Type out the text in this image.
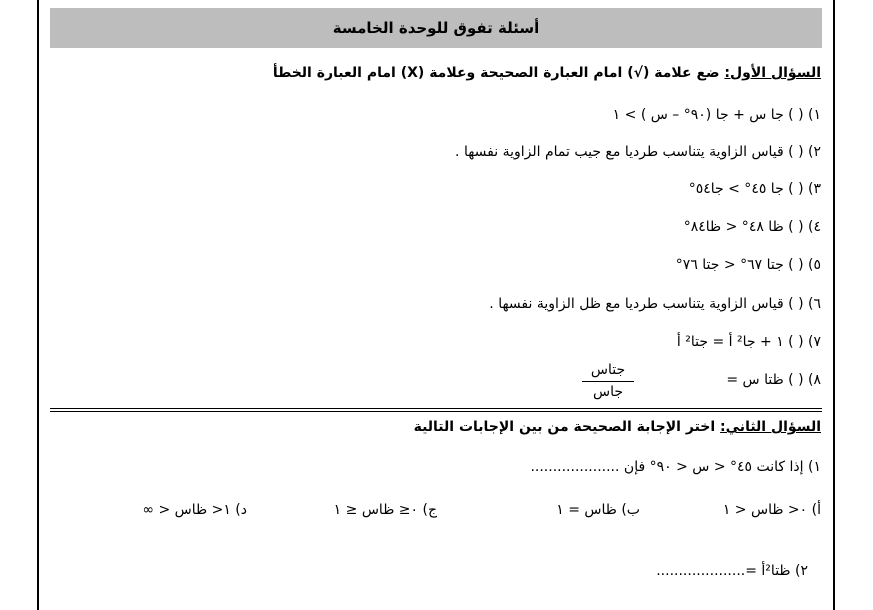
أسئلة تفوق للوحدة الخامسة
السؤال الأول: ضع علامة (√) امام العبارة الصحيحة وعلامة (X) امام العبارة الخطأ
١) ( ) جا س + جا (٩٠° – س ) > ١
٢) ( ) قياس الزاوية يتناسب طرديا مع جيب تمام الزاوية نفسها .
٣) ( ) جا ٤٥° > جا٥٤°
٤) ( ) ظا ٤٨° < ظا٨٤°
٥) ( ) جتا ٦٧° < جتا ٧٦°
٦) ( ) قياس الزاوية يتناسب طرديا مع ظل الزاوية نفسها .
٧) ( ) ١ + جا² أ = جتا² أ
٨) ( ) ظتا س =
جتاس
جاس
السؤال الثاني: اختر الإجابة الصحيحة من بين الإجابات التالية
١) إذا كانت ٤٥° < س < ٩٠° فإن ....................
أ) ٠< ظاس < ١
ب) ظاس = ١
ج) ٠≤ ظاس ≤ ١
د) ١< ظاس < ∞
٢) ظتا²أ =....................
